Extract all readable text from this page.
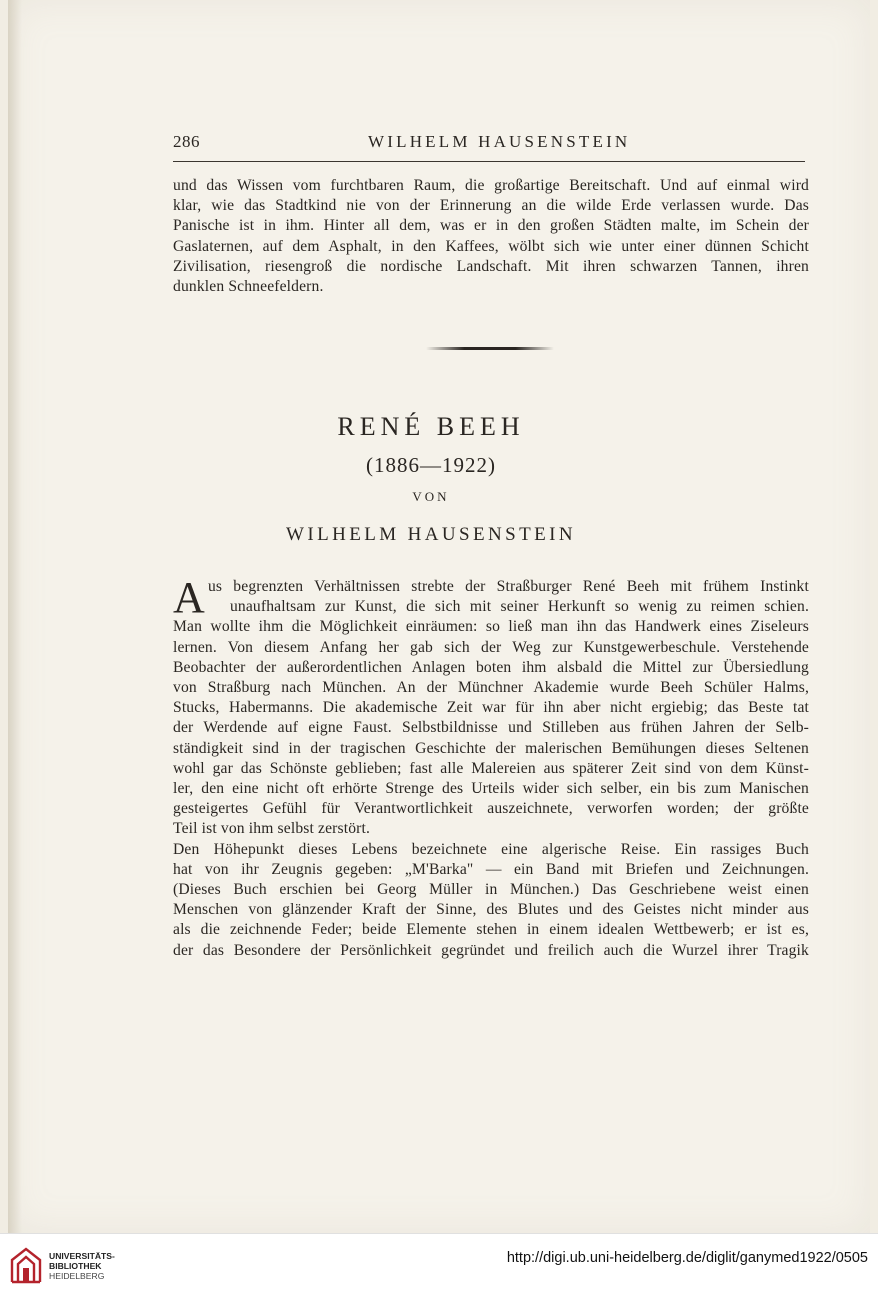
286	WILHELM HAUSENSTEIN
und das Wissen vom furchtbaren Raum, die großartige Bereitschaft. Und auf einmal wird
klar, wie das Stadtkind nie von der Erinnerung an die wilde Erde verlassen wurde. Das
Panische ist in ihm. Hinter all dem, was er in den großen Städten malte, im Schein der
Gaslaternen, auf dem Asphalt, in den Kaffees, wölbt sich wie unter einer dünnen Schicht
Zivilisation, riesengroß die nordische Landschaft. Mit ihren schwarzen Tannen, ihren
dunklen Schneefeldern.
RENÉ BEEH
(1886—1922)
VON
WILHELM HAUSENSTEIN
A us begrenzten Verhältnissen strebte der Straßburger René Beeh mit frühem Instinkt
unaufhaltsam zur Kunst, die sich mit seiner Herkunft so wenig zu reimen schien.
Man wollte ihm die Möglichkeit einräumen: so ließ man ihn das Handwerk eines Ziseleurs
lernen. Von diesem Anfang her gab sich der Weg zur Kunstgewerbeschule. Verstehende
Beobachter der außerordentlichen Anlagen boten ihm alsbald die Mittel zur Übersiedlung
von Straßburg nach München. An der Münchner Akademie wurde Beeh Schüler Halms,
Stucks, Habermanns. Die akademische Zeit war für ihn aber nicht ergiebig; das Beste tat
der Werdende auf eigne Faust. Selbstbildnisse und Stilleben aus frühen Jahren der Selb-
ständigkeit sind in der tragischen Geschichte der malerischen Bemühungen dieses Seltenen
wohl gar das Schönste geblieben; fast alle Malereien aus späterer Zeit sind von dem Künst-
ler, den eine nicht oft erhörte Strenge des Urteils wider sich selber, ein bis zum Manischen
gesteigertes Gefühl für Verantwortlichkeit auszeichnete, verworfen worden; der größte
Teil ist von ihm selbst zerstört.
Den Höhepunkt dieses Lebens bezeichnete eine algerische Reise. Ein rassiges Buch
hat von ihr Zeugnis gegeben: „M'Barka" — ein Band mit Briefen und Zeichnungen.
(Dieses Buch erschien bei Georg Müller in München.) Das Geschriebene weist einen
Menschen von glänzender Kraft der Sinne, des Blutes und des Geistes nicht minder aus
als die zeichnende Feder; beide Elemente stehen in einem idealen Wettbewerb; er ist es,
der das Besondere der Persönlichkeit gegründet und freilich auch die Wurzel ihrer Tragik
UNIVERSITÄTS-
BIBLIOTHEK
HEIDELBERG
http://digi.ub.uni-heidelberg.de/diglit/ganymed1922/0505
